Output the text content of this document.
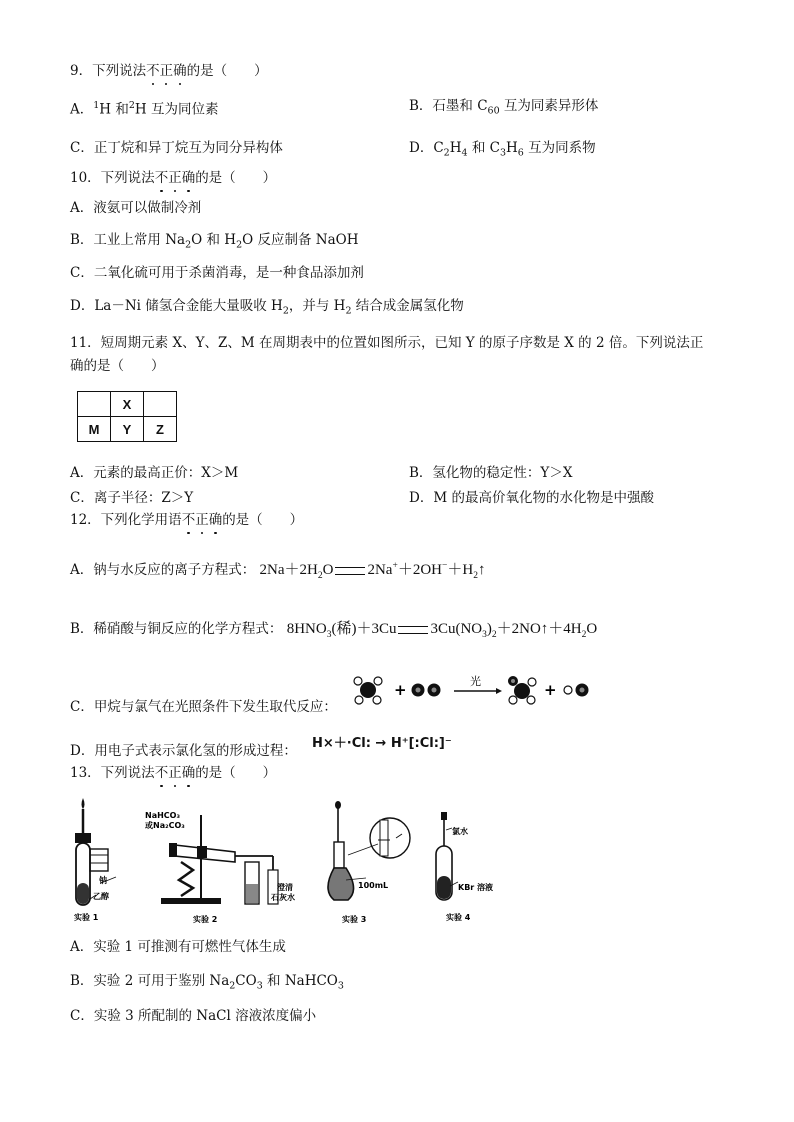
9．下列说法不正确的是（　　）
A．$^1$H 和$^2$H 互为同位素	B．石墨和 $C_{60}$ 互为同素异形体
C．正丁烷和异丁烷互为同分异构体	D．$C_2H_4$ 和 $C_3H_6$ 互为同系物
10．下列说法不正确的是（　　）
A．液氨可以做制冷剂
B．工业上常用 $Na_2O$ 和 $H_2O$ 反应制备 NaOH
C．二氧化硫可用于杀菌消毒，是一种食品添加剂
D．La－Ni 储氢合金能大量吸收 $H_2$，并与 $H_2$ 结合成金属氢化物
11．短周期元素 X、Y、Z、M 在周期表中的位置如图所示，已知 Y 的原子序数是 X 的 2 倍。下列说法正
确的是（　　）
	X	
M	Y	Z
A．元素的最高正价：X＞M	B．氢化物的稳定性：Y＞X
C．离子半径：Z＞Y	D．M 的最高价氧化物的水化物是中强酸
12．下列化学用语不正确的是（　　）
A．钠与水反应的离子方程式： $2Na+2H_2O$ $2Na^++2OH^-+H_2↑$
B．稀硝酸与铜反应的化学方程式： $8HNO_3$(稀)＋3Cu $3Cu(NO_3)_2+2NO↑+4H_2O$
C．甲烷与氯气在光照条件下发生取代反应：
+	光	+
D．用电子式表示氯化氢的形成过程： H×＋·Cl: → H⁺[:Cl:]⁻
13．下列说法不正确的是（　　）
钠
乙醇
实验 1
NaHCO₃
或Na₂CO₃
澄清
石灰水
实验 2
100mL
实验 3
氯水
KBr 溶液
实验 4
A．实验 1 可推测有可燃性气体生成
B．实验 2 可用于鉴别 $Na_2CO_3$ 和 NaHCO$_3$
C．实验 3 所配制的 NaCl 溶液浓度偏小
